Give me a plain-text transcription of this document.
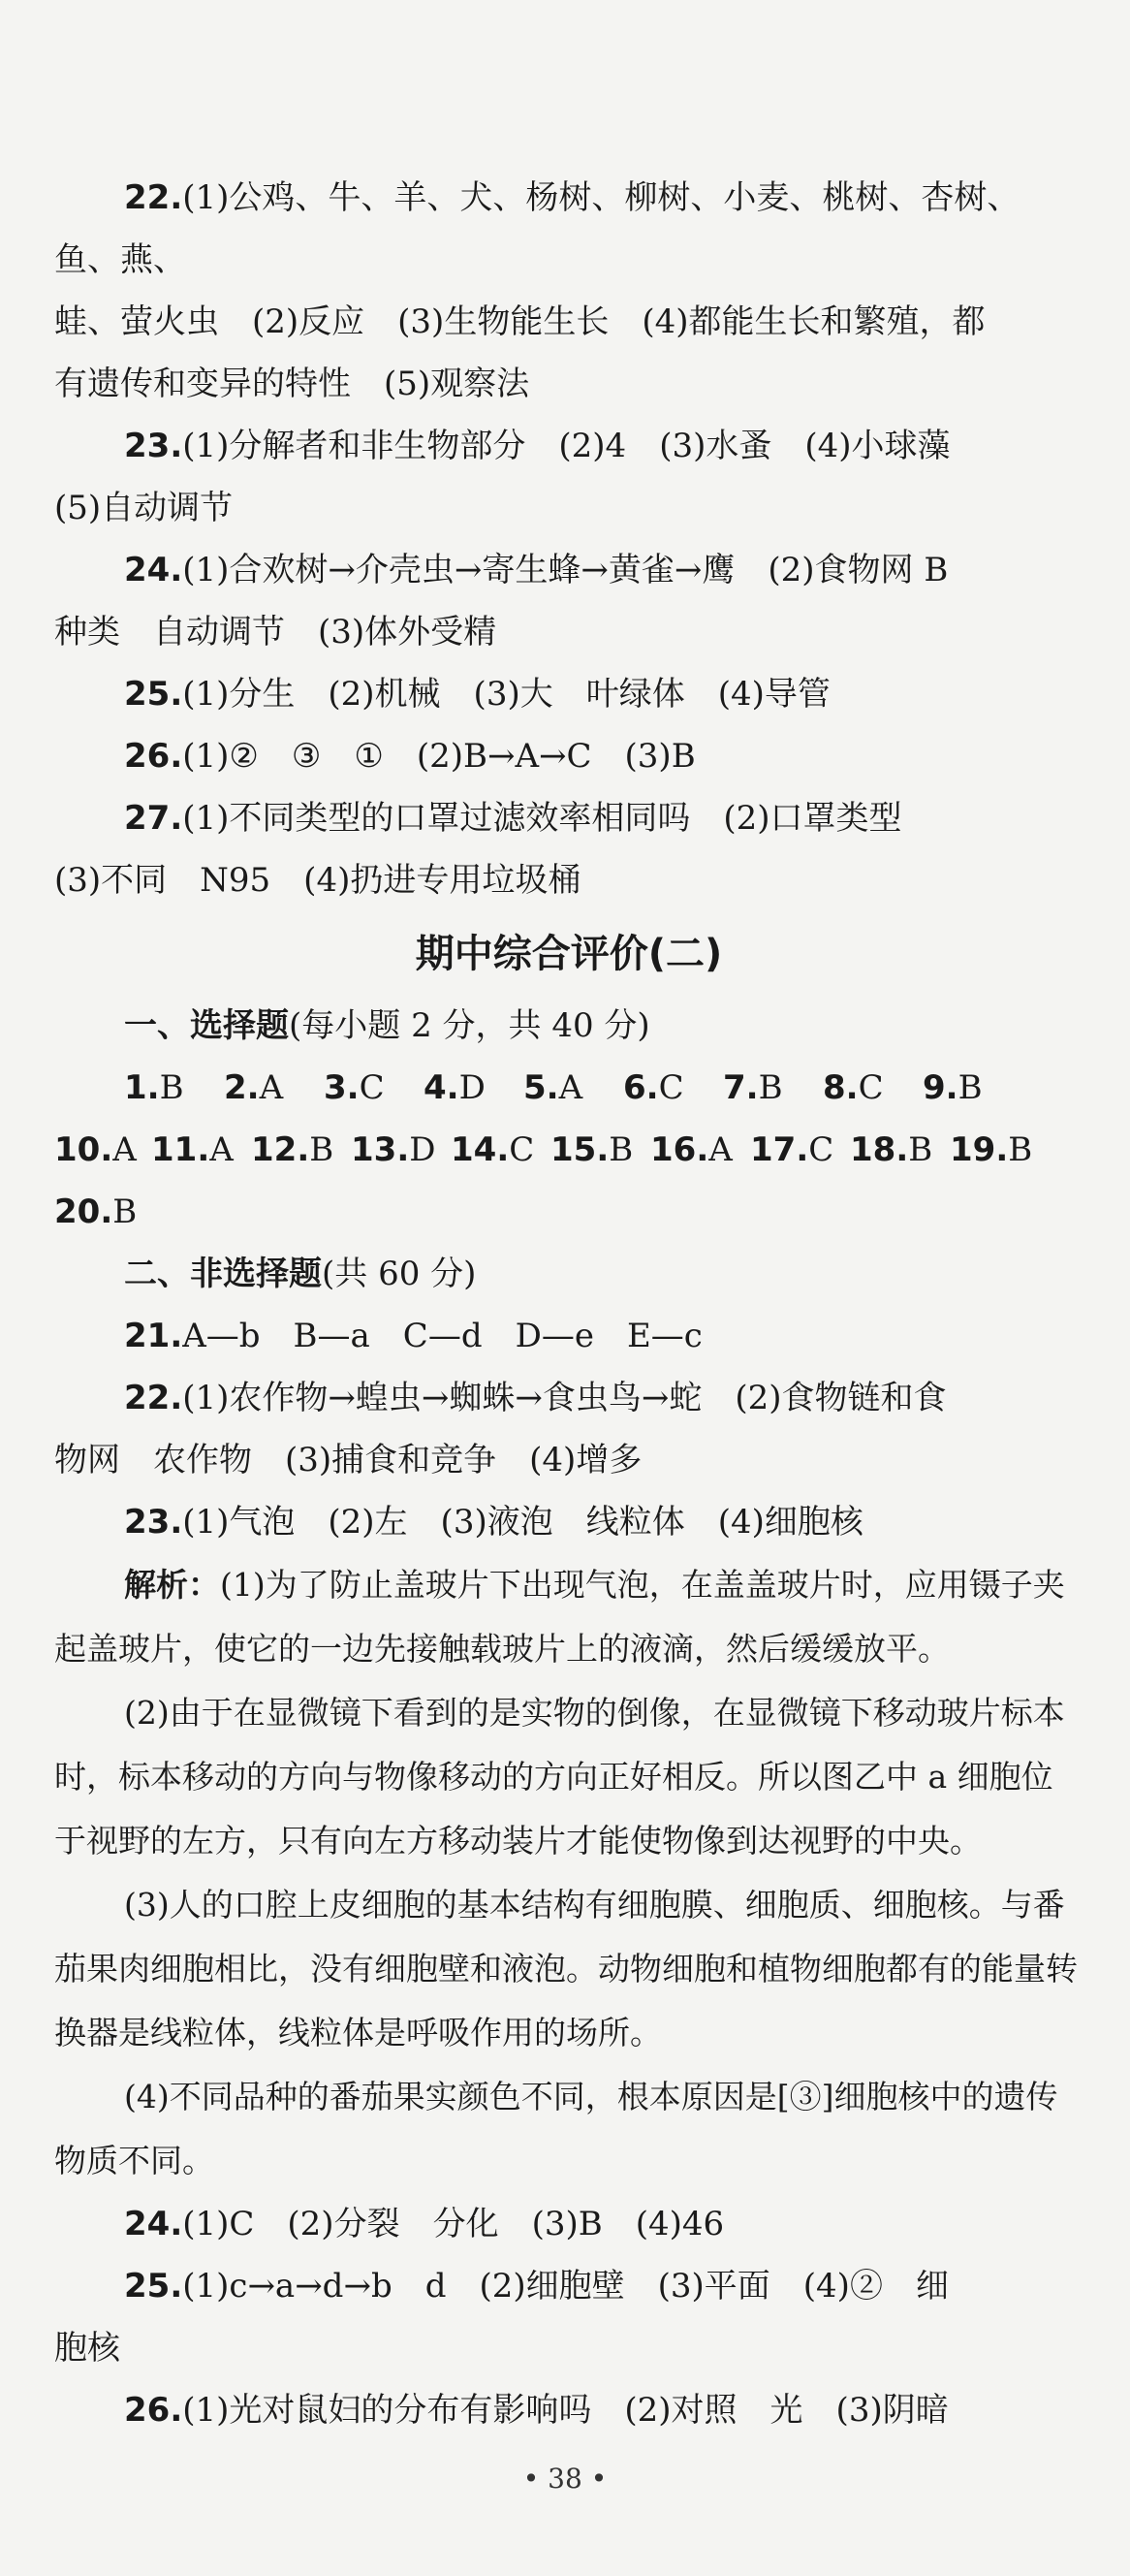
22.(1)公鸡、牛、羊、犬、杨树、柳树、小麦、桃树、杏树、鱼、燕、

蛙、萤火虫　(2)反应　(3)生物能生长　(4)都能生长和繁殖，都

有遗传和变异的特性　(5)观察法

23.(1)分解者和非生物部分　(2)4　(3)水蚤　(4)小球藻

(5)自动调节

24.(1)合欢树→介壳虫→寄生蜂→黄雀→鹰　(2)食物网 B

种类　自动调节　(3)体外受精

25.(1)分生　(2)机械　(3)大　叶绿体　(4)导管

26.(1)②　③　①　(2)B→A→C　(3)B

27.(1)不同类型的口罩过滤效率相同吗　(2)口罩类型

(3)不同　N95　(4)扔进专用垃圾桶

期中综合评价(二)

一、选择题(每小题 2 分，共 40 分)

1.B	2.A	3.C	4.D	5.A	6.C	7.B	8.C	9.B
10.A 11.A 12.B 13.D 14.C 15.B 16.A 17.C 18.B 19.B
20.B

二、非选择题(共 60 分)

21.A—b　B—a　C—d　D—e　E—c

22.(1)农作物→蝗虫→蜘蛛→食虫鸟→蛇　(2)食物链和食

物网　农作物　(3)捕食和竞争　(4)增多

23.(1)气泡　(2)左　(3)液泡　线粒体　(4)细胞核

解析：(1)为了防止盖玻片下出现气泡，在盖盖玻片时，应用镊子夹起盖玻片，使它的一边先接触载玻片上的液滴，然后缓缓放平。

(2)由于在显微镜下看到的是实物的倒像，在显微镜下移动玻片标本时，标本移动的方向与物像移动的方向正好相反。所以图乙中 a 细胞位于视野的左方，只有向左方移动装片才能使物像到达视野的中央。

(3)人的口腔上皮细胞的基本结构有细胞膜、细胞质、细胞核。与番茄果肉细胞相比，没有细胞壁和液泡。动物细胞和植物细胞都有的能量转换器是线粒体，线粒体是呼吸作用的场所。

(4)不同品种的番茄果实颜色不同，根本原因是[③]细胞核中的遗传物质不同。

24.(1)C　(2)分裂　分化　(3)B　(4)46

25.(1)c→a→d→b　d　(2)细胞壁　(3)平面　(4)②　细

胞核

26.(1)光对鼠妇的分布有影响吗　(2)对照　光　(3)阴暗

• 38 •
